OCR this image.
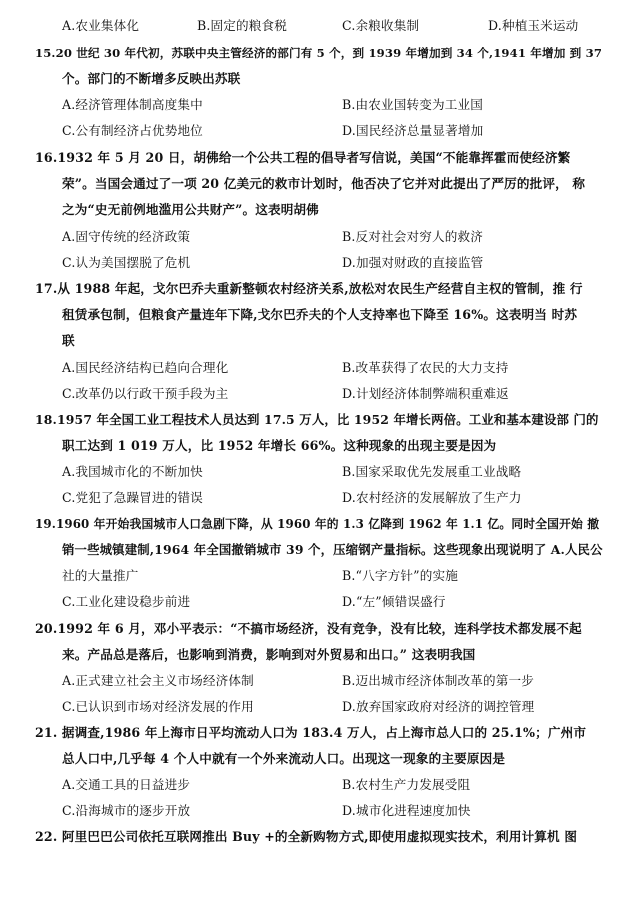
A.农业集体化	B.固定的粮食税	C.余粮收集制	D.种植玉米运动
15.20 世纪 30 年代初，苏联中央主管经济的部门有 5 个，到 1939 年增加到 34 个,1941 年增加 到 37
个。部门的不断增多反映出苏联
A.经济管理体制高度集中	B.由农业国转变为工业国
C.公有制经济占优势地位	D.国民经济总量显著增加
16.1932 年 5 月 20 日，胡佛给一个公共工程的倡导者写信说，美国“不能靠挥霍而使经济繁
荣”。当国会通过了一项 20 亿美元的救市计划时，他否决了它并对此提出了严厉的批评， 称
之为“史无前例地滥用公共财产”。这表明胡佛
A.固守传统的经济政策	B.反对社会对穷人的救济
C.认为美国摆脱了危机	D.加强对财政的直接监管
17.从 1988 年起，戈尔巴乔夫重新整顿农村经济关系,放松对农民生产经营自主权的管制，推 行
租赁承包制，但粮食产量连年下降,戈尔巴乔夫的个人支持率也下降至 16%。这表明当 时苏
联
A.国民经济结构已趋向合理化	B.改革获得了农民的大力支持
C.改革仍以行政干预手段为主	D.计划经济体制弊端积重难返
18.1957 年全国工业工程技术人员达到 17.5 万人，比 1952 年增长两倍。工业和基本建设部 门的
职工达到 1 019 万人，比 1952 年增长 66%。这种现象的出现主要是因为
A.我国城市化的不断加快	B.国家采取优先发展重工业战略
C.党犯了急躁冒进的错误	D.农村经济的发展解放了生产力
19.1960 年开始我国城市人口急剧下降，从 1960 年的 1.3 亿降到 1962 年 1.1 亿。同时全国开始 撤
销一些城镇建制,1964 年全国撤销城市 39 个，压缩钢产量指标。这些现象出现说明了 A.人民公
社的大量推广	B.“八字方针”的实施
C.工业化建设稳步前进	D.“左”倾错误盛行
20.1992 年 6 月，邓小平表示：“不搞市场经济，没有竞争，没有比较，连科学技术都发展不起
来。产品总是落后，也影响到消费，影响到对外贸易和出口。” 这表明我国
A.正式建立社会主义市场经济体制	B.迈出城市经济体制改革的第一步
C.已认识到市场对经济发展的作用	D.放弃国家政府对经济的调控管理
21. 据调查,1986 年上海市日平均流动人口为 183.4 万人，占上海市总人口的 25.1%；广州市
总人口中,几乎每 4 个人中就有一个外来流动人口。出现这一现象的主要原因是
A.交通工具的日益进步	B.农村生产力发展受阻
C.沿海城市的逐步开放	D.城市化进程速度加快
22. 阿里巴巴公司依托互联网推出 Buy +的全新购物方式,即使用虚拟现实技术，利用计算机 图
